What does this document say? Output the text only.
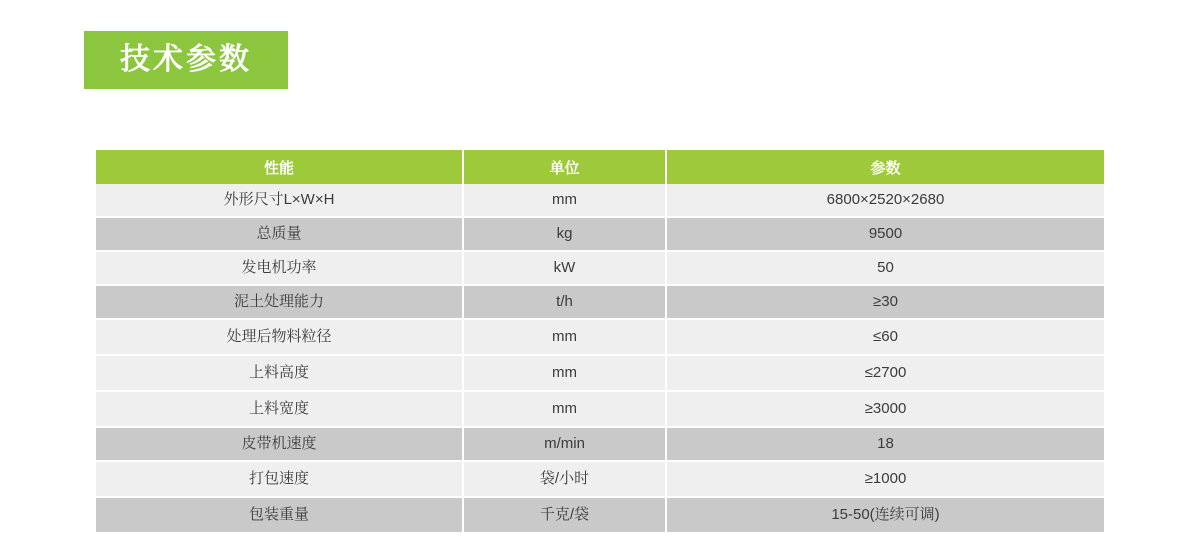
技术参数
性能	单位	参数
外形尺寸L×W×H	mm	6800×2520×2680
总质量	kg	9500
发电机功率	kW	50
泥土处理能力	t/h	≥30
处理后物料粒径	mm	≤60
上料高度	mm	≤2700
上料宽度	mm	≥3000
皮带机速度	m/min	18
打包速度	袋/小时	≥1000
包装重量	千克/袋	15-50(连续可调)
